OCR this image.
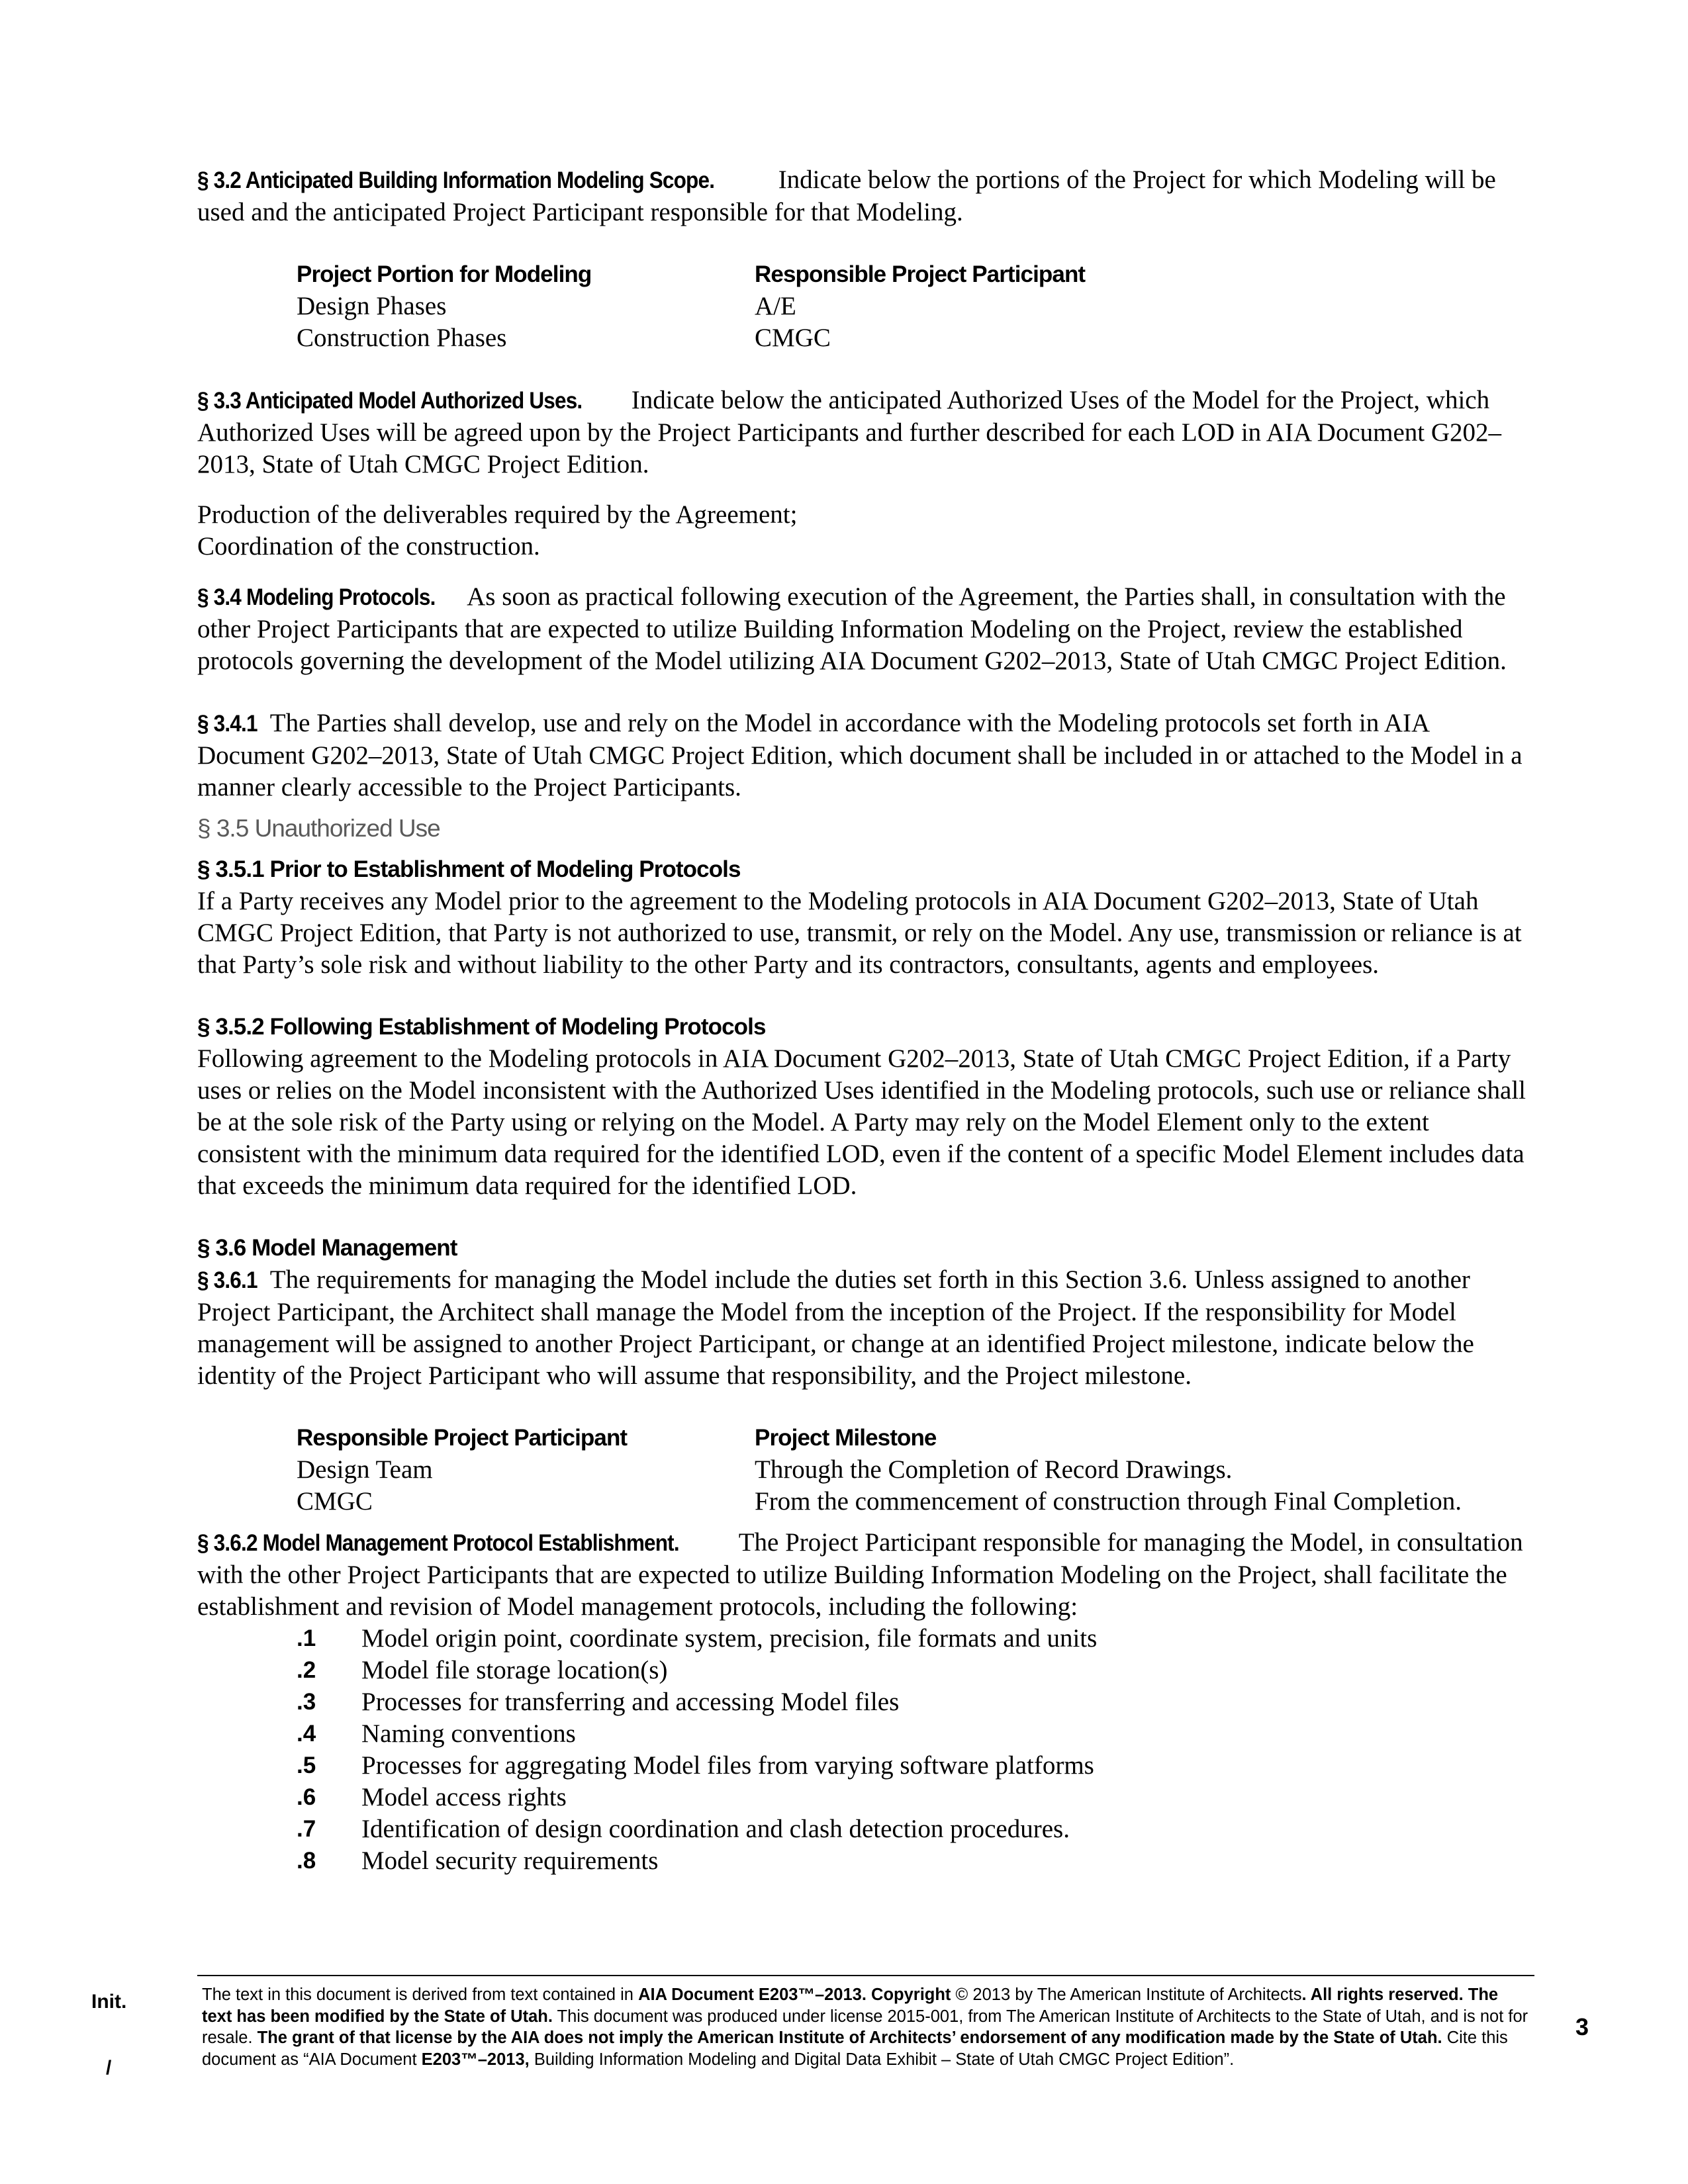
§ 3.2 Anticipated Building Information Modeling Scope. Indicate below the portions of the Project for which Modeling will be used and the anticipated Project Participant responsible for that Modeling.

Project Portion for Modeling	Responsible Project Participant
Design Phases	A/E
Construction Phases	CMGC

§ 3.3 Anticipated Model Authorized Uses. Indicate below the anticipated Authorized Uses of the Model for the Project, which Authorized Uses will be agreed upon by the Project Participants and further described for each LOD in AIA Document G202–2013, State of Utah CMGC Project Edition.

Production of the deliverables required by the Agreement;

Coordination of the construction.

§ 3.4 Modeling Protocols. As soon as practical following execution of the Agreement, the Parties shall, in consultation with the other Project Participants that are expected to utilize Building Information Modeling on the Project, review the established protocols governing the development of the Model utilizing AIA Document G202–2013, State of Utah CMGC Project Edition.

§ 3.4.1 The Parties shall develop, use and rely on the Model in accordance with the Modeling protocols set forth in AIA Document G202–2013, State of Utah CMGC Project Edition, which document shall be included in or attached to the Model in a manner clearly accessible to the Project Participants.

§ 3.5 Unauthorized Use

§ 3.5.1 Prior to Establishment of Modeling Protocols

If a Party receives any Model prior to the agreement to the Modeling protocols in AIA Document G202–2013, State of Utah CMGC Project Edition, that Party is not authorized to use, transmit, or rely on the Model. Any use, transmission or reliance is at that Party’s sole risk and without liability to the other Party and its contractors, consultants, agents and employees.

§ 3.5.2 Following Establishment of Modeling Protocols

Following agreement to the Modeling protocols in AIA Document G202–2013, State of Utah CMGC Project Edition, if a Party uses or relies on the Model inconsistent with the Authorized Uses identified in the Modeling protocols, such use or reliance shall be at the sole risk of the Party using or relying on the Model. A Party may rely on the Model Element only to the extent consistent with the minimum data required for the identified LOD, even if the content of a specific Model Element includes data that exceeds the minimum data required for the identified LOD.

§ 3.6 Model Management

§ 3.6.1 The requirements for managing the Model include the duties set forth in this Section 3.6. Unless assigned to another Project Participant, the Architect shall manage the Model from the inception of the Project. If the responsibility for Model management will be assigned to another Project Participant, or change at an identified Project milestone, indicate below the identity of the Project Participant who will assume that responsibility, and the Project milestone.

Responsible Project Participant	Project Milestone
Design Team	Through the Completion of Record Drawings.
CMGC	From the commencement of construction through Final Completion.

§ 3.6.2 Model Management Protocol Establishment. The Project Participant responsible for managing the Model, in consultation with the other Project Participants that are expected to utilize Building Information Modeling on the Project, shall facilitate the establishment and revision of Model management protocols, including the following:

.1	Model origin point, coordinate system, precision, file formats and units
.2	Model file storage location(s)
.3	Processes for transferring and accessing Model files
.4	Naming conventions
.5	Processes for aggregating Model files from varying software platforms
.6	Model access rights
.7	Identification of design coordination and clash detection procedures.
.8	Model security requirements
Init.
/
The text in this document is derived from text contained in AIA Document E203™–2013. Copyright © 2013 by The American Institute of Architects. All rights reserved. The text has been modified by the State of Utah. This document was produced under license 2015-001, from The American Institute of Architects to the State of Utah, and is not for resale. The grant of that license by the AIA does not imply the American Institute of Architects’ endorsement of any modification made by the State of Utah. Cite this document as “AIA Document E203™–2013, Building Information Modeling and Digital Data Exhibit – State of Utah CMGC Project Edition”.
3
